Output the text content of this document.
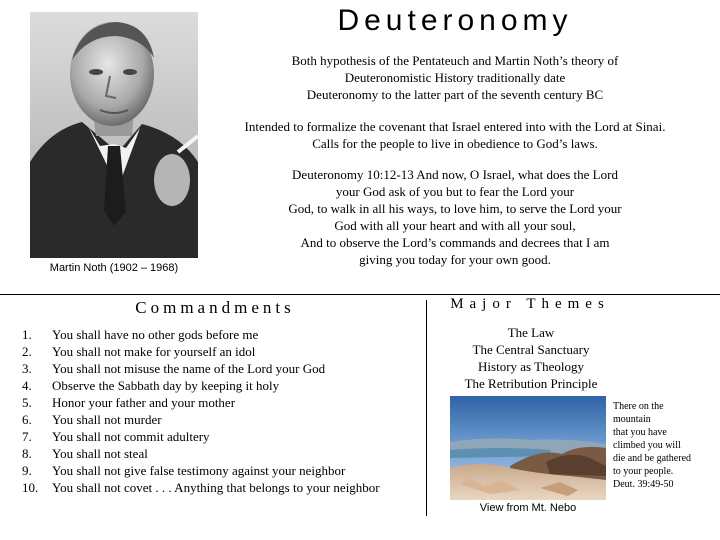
Martin Noth (1902 – 1968)
Deuteronomy
Both hypothesis of the Pentateuch and Martin Noth’s theory of
Deuteronomistic History traditionally date
Deuteronomy to the latter part of the seventh century BC
Intended to formalize the covenant that Israel entered into with the Lord at Sinai.
Calls for the people to live in obedience to God’s laws.
Deuteronomy 10:12-13 And now, O Israel, what does the Lord
your God ask of you but to fear the Lord your
God, to walk in all his ways, to love him, to serve the Lord your
God with all your heart and with all your soul,
And to observe the Lord’s commands and decrees that I am
giving you today for your own good.
Commandments
1.	You shall have no other gods before me
2.	You shall not make for yourself an idol
3.	You shall not misuse the name of the Lord your God
4.	Observe the Sabbath day by keeping it holy
5.	Honor your father and your mother
6.	You shall not murder
7.	You shall not commit adultery
8.	You shall not steal
9.	You shall not give false testimony against your neighbor
10.	You shall not covet . . . Anything that belongs to your neighbor
Major Themes
The Law
The Central Sanctuary
History as Theology
The Retribution Principle
View from Mt. Nebo
There on the
mountain
that you have
climbed you will
die and be gathered
to your people.
Deut. 39:49-50
